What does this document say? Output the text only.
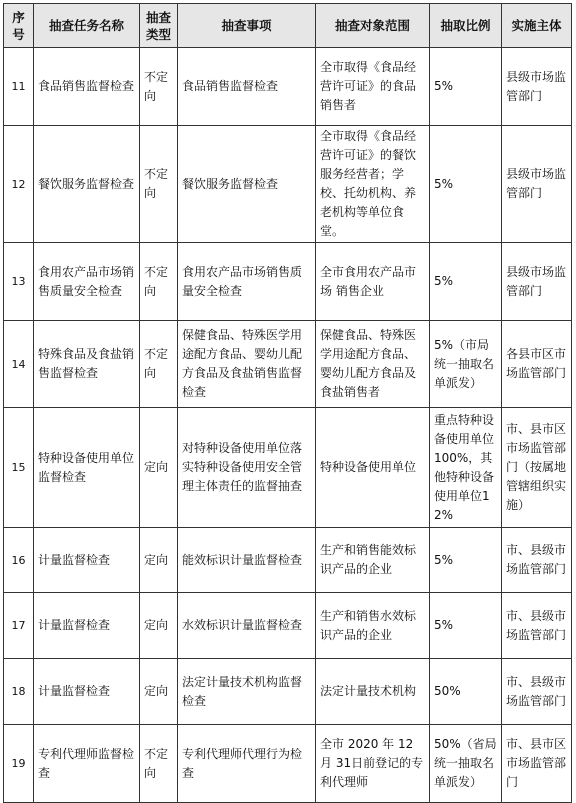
序号	抽查任务名称	抽查类型	抽查事项	抽查对象范围	抽取比例	实施主体
11	食品销售监督检查	不定向	食品销售监督检查	全市取得《食品经营许可证》的食品销售者	5%	县级市场监管部门
12	餐饮服务监督检查	不定向	餐饮服务监督检查	全市取得《食品经营许可证》的餐饮服务经营者；学校、托幼机构、养老机构等单位食堂。	5%	县级市场监管部门
13	食用农产品市场销售质量安全检查	不定向	食用农产品市场销售质量安全检查	全市食用农产品市场 销售企业	5%	县级市场监管部门
14	特殊食品及食盐销售监督检查	不定向	保健食品、特殊医学用途配方食品、婴幼儿配方食品及食盐销售监督检查	保健食品、特殊医学用途配方食品、婴幼儿配方食品及食盐销售者	5%（市局统一抽取名单派发）	各县市区市场监管部门
15	特种设备使用单位监督检查	定向	对特种设备使用单位落实特种设备使用安全管理主体责任的监督抽查	特种设备使用单位	重点特种设备使用单位100%，其他特种设备使用单位12%	市、县市区市场监管部门（按属地管辖组织实施）
16	计量监督检查	定向	能效标识计量监督检查	生产和销售能效标识产品的企业	5%	市、县级市场监管部门
17	计量监督检查	定向	水效标识计量监督检查	生产和销售水效标识产品的企业	5%	市、县级市场监管部门
18	计量监督检查	定向	法定计量技术机构监督检查	法定计量技术机构	50%	市、县级市场监管部门
19	专利代理师监督检查	不定向	专利代理师代理行为检查	全市 2020 年 12 月 31日前登记的专利代理师	50%（省局统一抽取名单派发）	市、县市区市场监管部门
